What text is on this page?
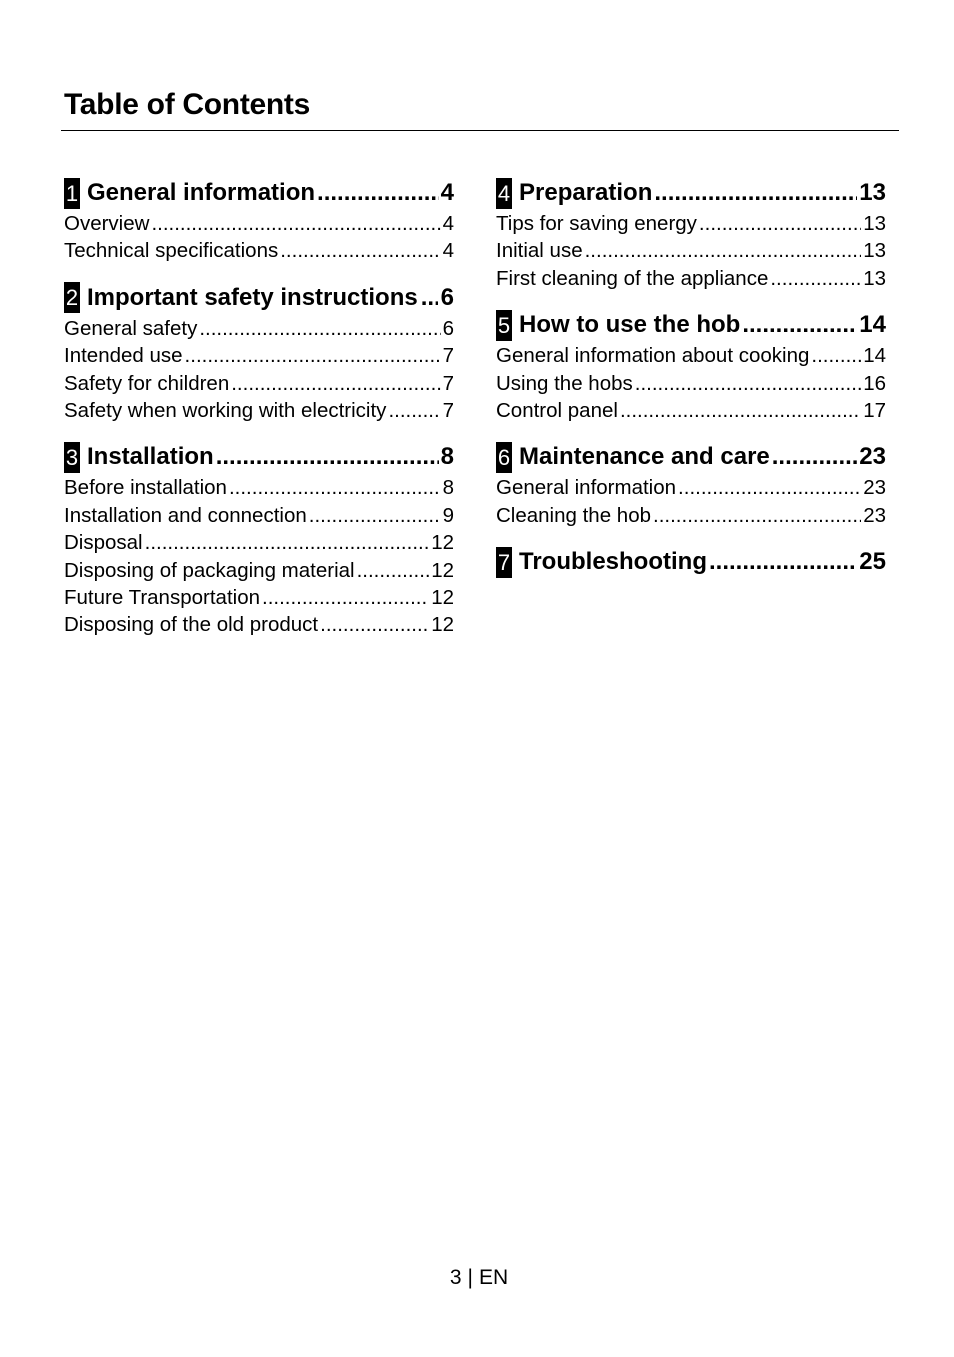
Table of Contents
1 General information .....	4
Overview .....	4
Technical specifications .....	4
2 Important safety instructions ..... 6
General safety .....	6
Intended use .....	7
Safety for children .....	7
Safety when working with electricity .....	7
3 Installation .....	8
Before installation .....	8
Installation and connection .....	9
Disposal .....	12
Disposing of packaging material .....	12
Future Transportation .....	12
Disposing of the old product .....	12
4 Preparation .....	13
Tips for saving energy .....	13
Initial use .....	13
First cleaning of the appliance .....	13
5 How to use the hob .....	14
General information about cooking .....	14
Using the hobs .....	16
Control panel .....	17
6 Maintenance and care .....	23
General information .....	23
Cleaning the hob .....	23
7 Troubleshooting .....	25
3 | EN
